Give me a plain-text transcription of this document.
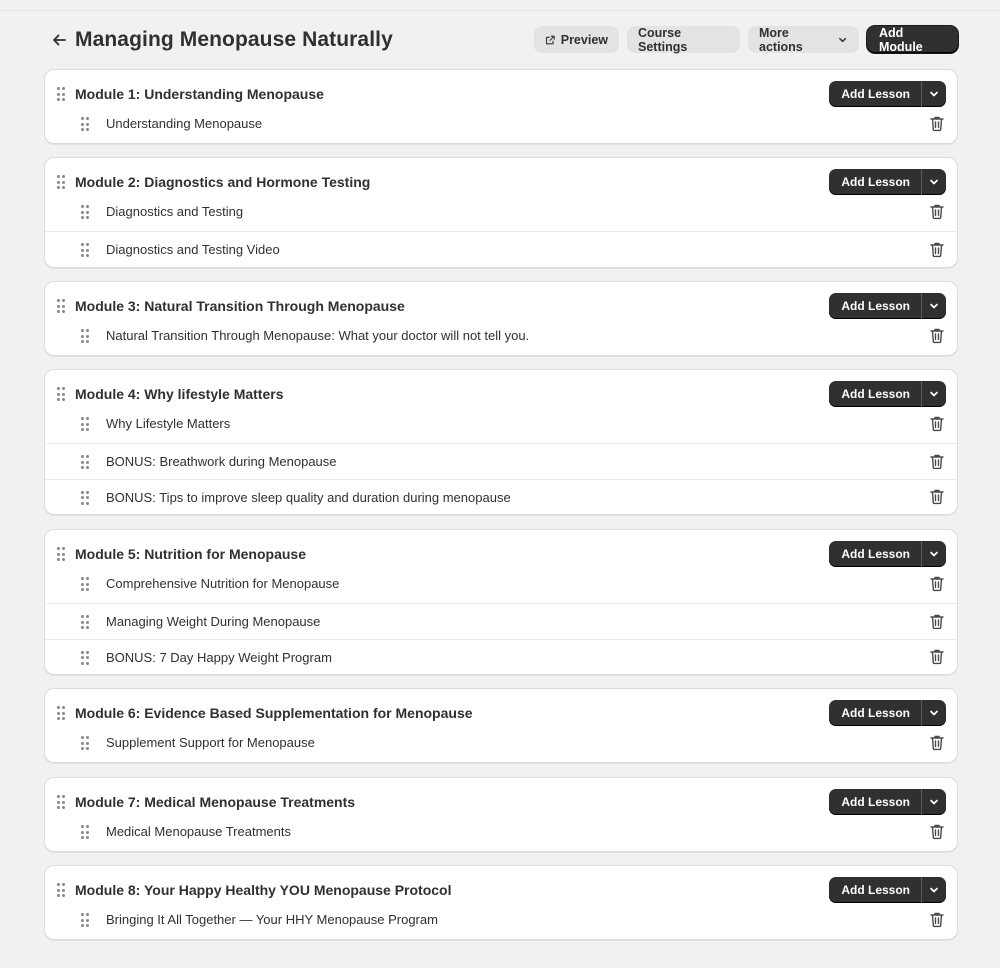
Managing Menopause Naturally	Preview Course Settings
More actions
Add Module
Module 1: Understanding Menopause	Add Lesson
Understanding Menopause
Module 2: Diagnostics and Hormone Testing	Add Lesson
Diagnostics and Testing
Diagnostics and Testing Video
Module 3: Natural Transition Through Menopause	Add Lesson
Natural Transition Through Menopause: What your doctor will not tell you.
Module 4: Why lifestyle Matters	Add Lesson
Why Lifestyle Matters
BONUS: Breathwork during Menopause
BONUS: Tips to improve sleep quality and duration during menopause
Module 5: Nutrition for Menopause	Add Lesson
Comprehensive Nutrition for Menopause
Managing Weight During Menopause
BONUS: 7 Day Happy Weight Program
Module 6: Evidence Based Supplementation for Menopause	Add Lesson
Supplement Support for Menopause
Module 7: Medical Menopause Treatments	Add Lesson
Medical Menopause Treatments
Module 8: Your Happy Healthy YOU Menopause Protocol	Add Lesson
Bringing It All Together — Your HHY Menopause Program
